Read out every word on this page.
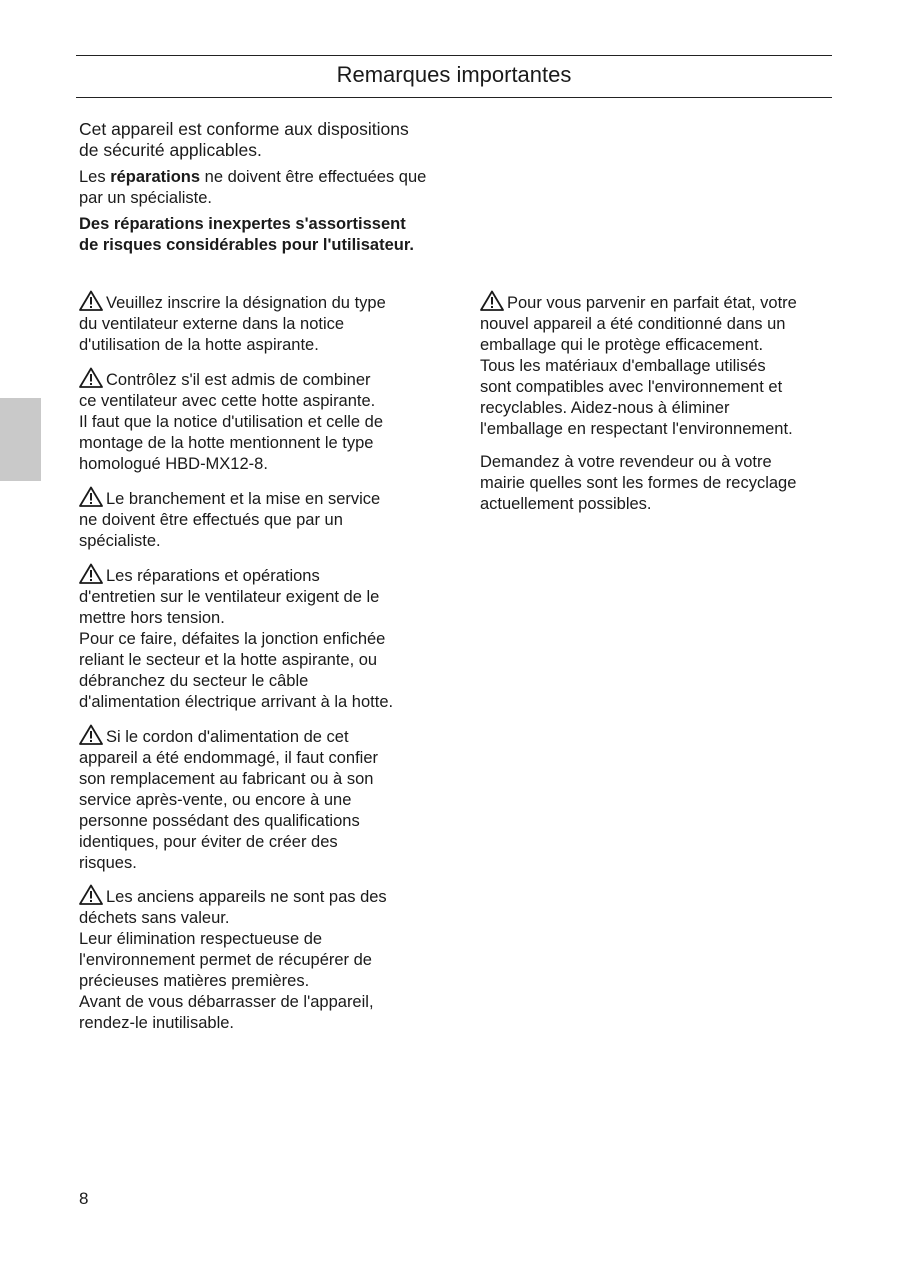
Remarques importantes

Cet appareil est conforme aux dispositions de sécurité applicables.

Les réparations ne doivent être effectuées que par un spécialiste.

Des réparations inexpertes s'assortissent de risques considérables pour l'utilisateur.

Veuillez inscrire la désignation du type
du ventilateur externe dans la notice
d'utilisation de la hotte aspirante.
Contrôlez s'il est admis de combiner
ce ventilateur avec cette hotte aspirante.
Il faut que la notice d'utilisation et celle de
montage de la hotte mentionnent le type
homologué HBD-MX12-8.
Le branchement et la mise en service
ne doivent être effectués que par un
spécialiste.
Les réparations et opérations
d'entretien sur le ventilateur exigent de le
mettre hors tension.
Pour ce faire, défaites la jonction enfichée
reliant le secteur et la hotte aspirante, ou
débranchez du secteur le câble
d'alimentation électrique arrivant à la hotte.
Si le cordon d'alimentation de cet
appareil a été endommagé, il faut confier
son remplacement au fabricant ou à son
service après-vente, ou encore à une
personne possédant des qualifications
identiques, pour éviter de créer des
risques.
Les anciens appareils ne sont pas des
déchets sans valeur.
Leur élimination respectueuse de
l'environnement permet de récupérer de
précieuses matières premières.
Avant de vous débarrasser de l'appareil,
rendez-le inutilisable.
Pour vous parvenir en parfait état, votre
nouvel appareil a été conditionné dans un
emballage qui le protège efficacement.
Tous les matériaux d'emballage utilisés
sont compatibles avec l'environnement et
recyclables. Aidez-nous à éliminer
l'emballage en respectant l'environnement.
Demandez à votre revendeur ou à votre
mairie quelles sont les formes de recyclage
actuellement possibles.
8
